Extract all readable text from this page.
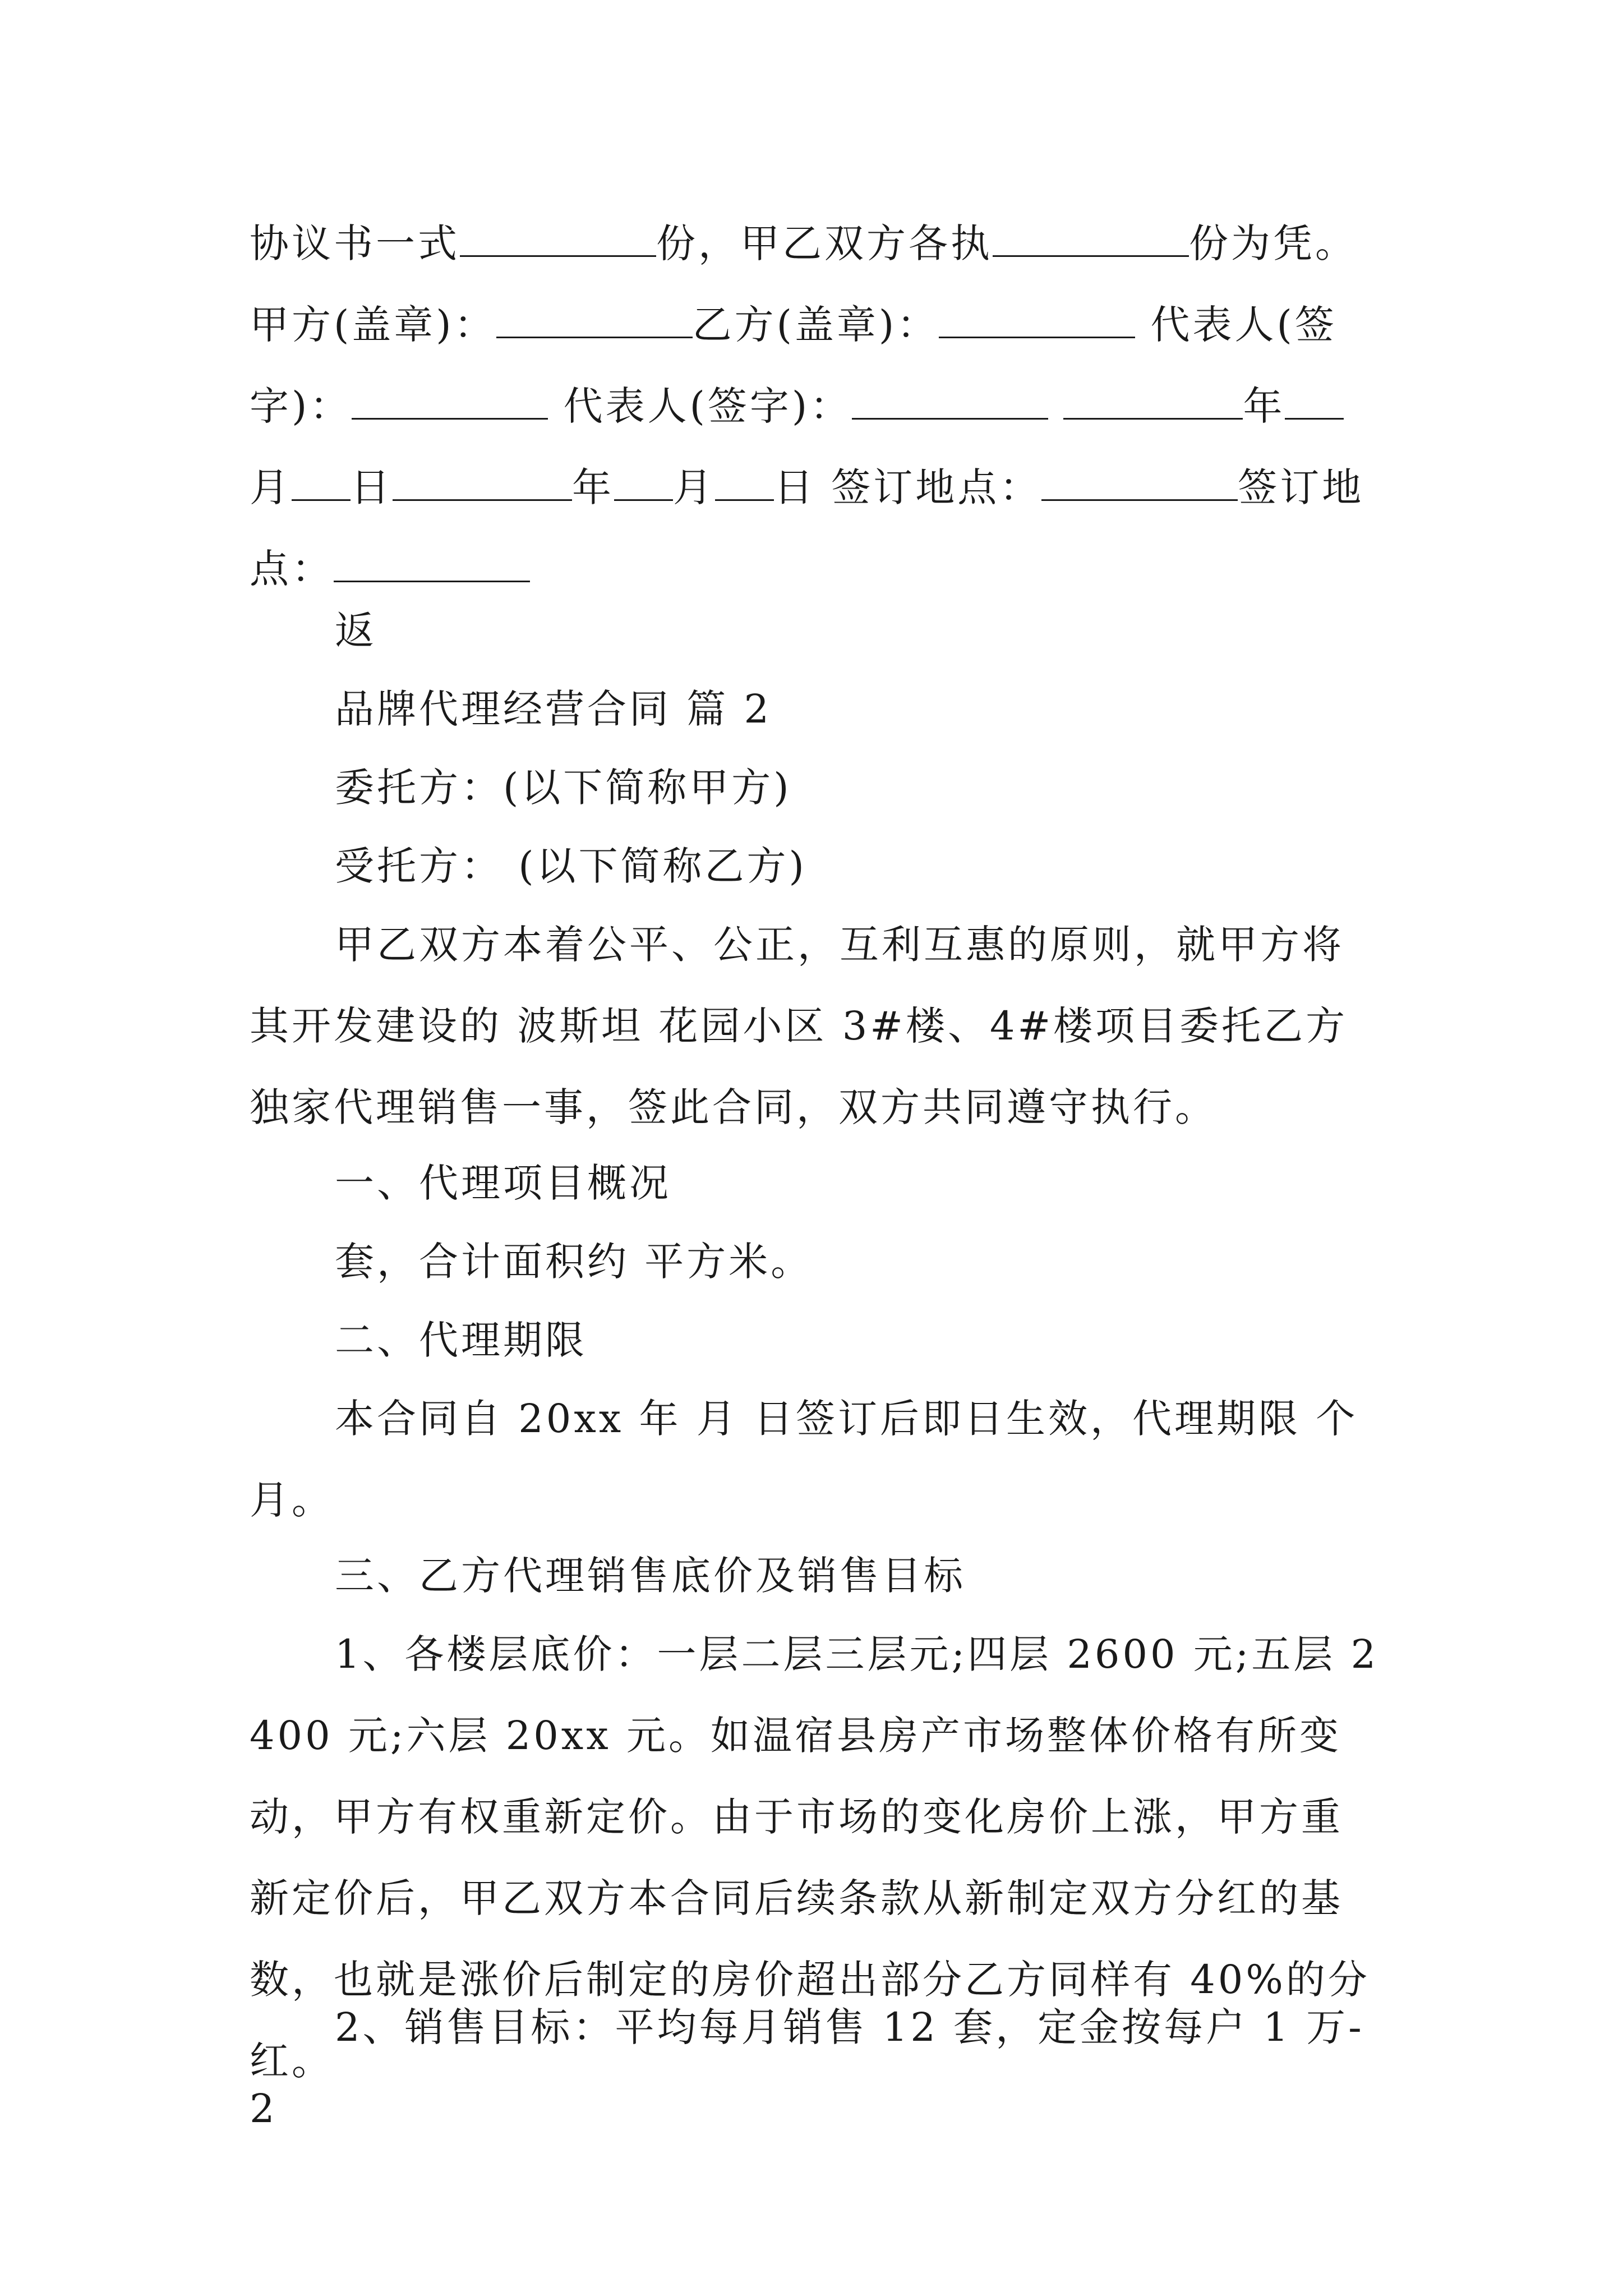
协议书一式	份，甲乙双方各执	份为凭。甲方(盖章)：	乙方(盖章)：	代表人(签字)：	代表人(签字)：	年月 日	年 月 日 签订地点：	签订地点：

返

品牌代理经营合同 篇 2

委托方：(以下简称甲方)

受托方： (以下简称乙方)

甲乙双方本着公平、公正，互利互惠的原则，就甲方将其开发建设的 波斯坦 花园小区 3#楼、4#楼项目委托乙方独家代理销售一事，签此合同，双方共同遵守执行。

一、代理项目概况

套，合计面积约 平方米。

二、代理期限

本合同自 20xx 年 月 日签订后即日生效，代理期限 个月。

三、乙方代理销售底价及销售目标

1、各楼层底价：一层二层三层元;四层 2600 元;五层 2400 元;六层 20xx 元。如温宿县房产市场整体价格有所变动，甲方有权重新定价。由于市场的变化房价上涨，甲方重新定价后，甲乙双方本合同后续条款从新制定双方分红的基数，也就是涨价后制定的房价超出部分乙方同样有 40%的分红。

2、销售目标：平均每月销售 12 套，定金按每户 1 万-2
